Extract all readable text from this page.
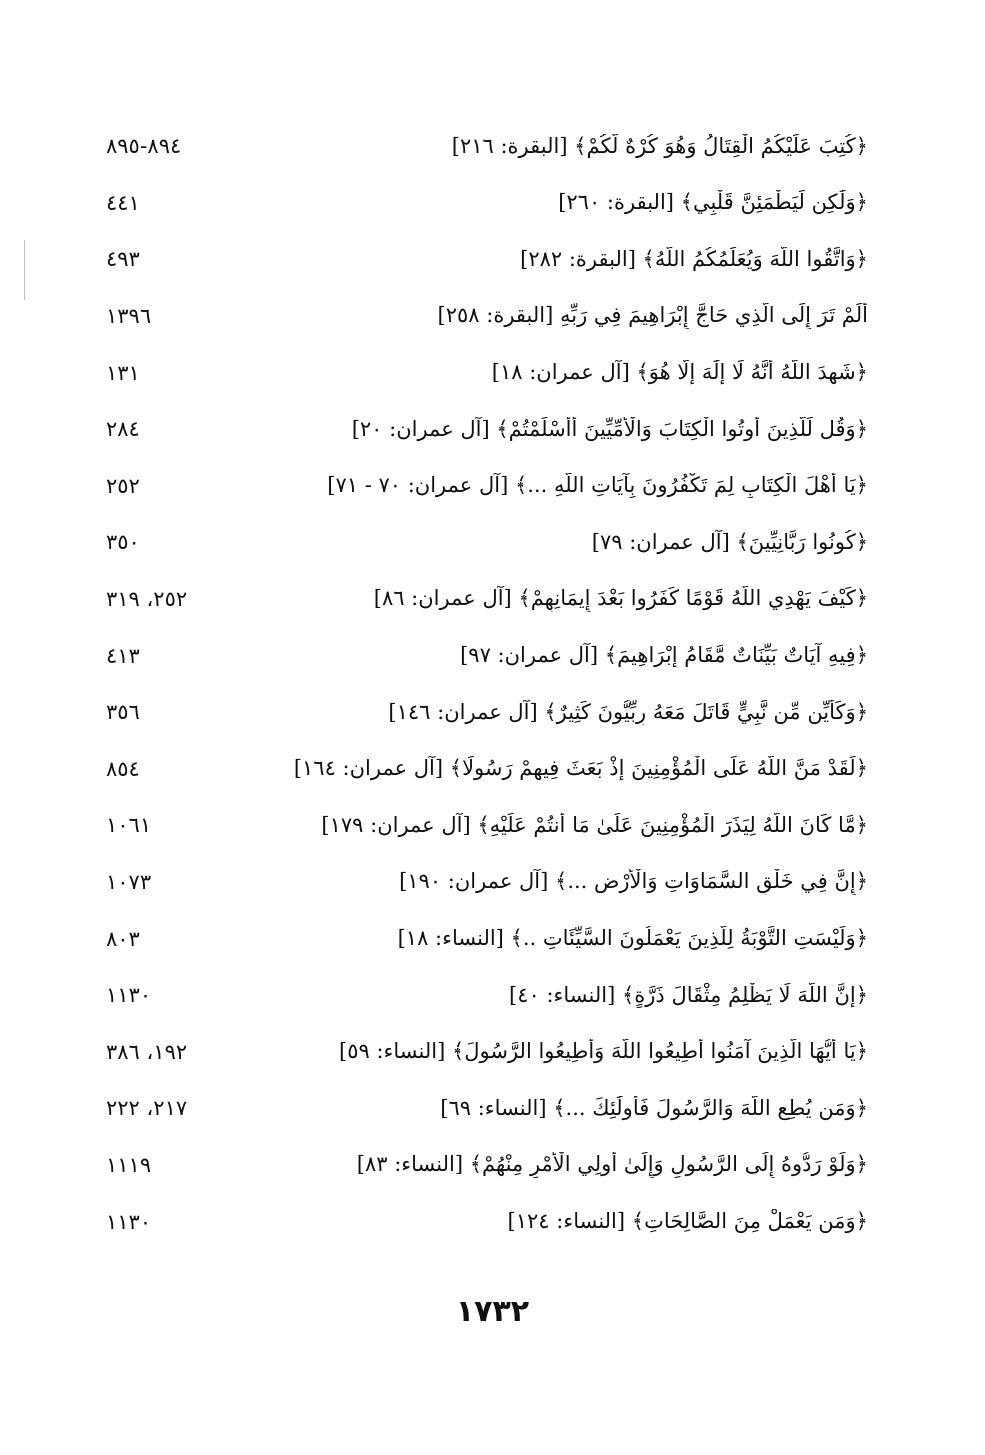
﴿كُتِبَ عَلَيْكُمُ الْقِتَالُ وَهُوَ كُرْهٌ لَّكُمْ﴾ [البقرة: ٢١٦]
٨٩٤-٨٩٥
﴿وَلَٰكِن لِّيَطْمَئِنَّ قَلْبِي﴾ [البقرة: ٢٦٠]
٤٤١
﴿وَاتَّقُوا اللَّهَ وَيُعَلِّمُكُمُ اللَّهُ﴾ [البقرة: ٢٨٢]
٤٩٣
أَلَمْ تَرَ إِلَى الَّذِي حَاجَّ إِبْرَاهِيمَ فِي رَبِّهِ [البقرة: ٢٥٨]
١٣٩٦
﴿شَهِدَ اللَّهُ أَنَّهُ لَا إِلَٰهَ إِلَّا هُوَ﴾ [آل عمران: ١٨]
١٣١
﴿وَقُل لِّلَّذِينَ أُوتُوا الْكِتَابَ وَالْأُمِّيِّينَ أَأَسْلَمْتُمْ﴾ [آل عمران: ٢٠]
٢٨٤
﴿يَا أَهْلَ الْكِتَابِ لِمَ تَكْفُرُونَ بِآيَاتِ اللَّهِ ...﴾ [آل عمران: ٧٠ - ٧١]
٢٥٢
﴿كُونُوا رَبَّانِيِّينَ﴾ [آل عمران: ٧٩]
٣٥٠
﴿كَيْفَ يَهْدِي اللَّهُ قَوْمًا كَفَرُوا بَعْدَ إِيمَانِهِمْ﴾ [آل عمران: ٨٦]
٢٥٢، ٣١٩
﴿فِيهِ آيَاتٌ بَيِّنَاتٌ مَّقَامُ إِبْرَاهِيمَ﴾ [آل عمران: ٩٧]
٤١٣
﴿وَكَأَيِّن مِّن نَّبِيٍّ قَاتَلَ مَعَهُ رِبِّيُّونَ كَثِيرٌ﴾ [آل عمران: ١٤٦]
٣٥٦
﴿لَقَدْ مَنَّ اللَّهُ عَلَى الْمُؤْمِنِينَ إِذْ بَعَثَ فِيهِمْ رَسُولًا﴾ [آل عمران: ١٦٤]
٨٥٤
﴿مَّا كَانَ اللَّهُ لِيَذَرَ الْمُؤْمِنِينَ عَلَىٰ مَا أَنتُمْ عَلَيْهِ﴾ [آل عمران: ١٧٩]
١٠٦١
﴿إِنَّ فِي خَلْقِ السَّمَاوَاتِ وَالْأَرْضِ ...﴾ [آل عمران: ١٩٠]
١٠٧٣
﴿وَلَيْسَتِ التَّوْبَةُ لِلَّذِينَ يَعْمَلُونَ السَّيِّئَاتِ ..﴾ [النساء: ١٨]
٨٠٣
﴿إِنَّ اللَّهَ لَا يَظْلِمُ مِثْقَالَ ذَرَّةٍ﴾ [النساء: ٤٠]
١١٣٠
﴿يَا أَيُّهَا الَّذِينَ آمَنُوا أَطِيعُوا اللَّهَ وَأَطِيعُوا الرَّسُولَ﴾ [النساء: ٥٩]
١٩٢، ٣٨٦
﴿وَمَن يُطِعِ اللَّهَ وَالرَّسُولَ فَأُولَٰئِكَ ...﴾ [النساء: ٦٩]
٢١٧، ٢٢٢
﴿وَلَوْ رَدُّوهُ إِلَى الرَّسُولِ وَإِلَىٰ أُولِي الْأَمْرِ مِنْهُمْ﴾ [النساء: ٨٣]
١١١٩
﴿وَمَن يَعْمَلْ مِنَ الصَّالِحَاتِ﴾ [النساء: ١٢٤]
١١٣٠
١٧٣٢
